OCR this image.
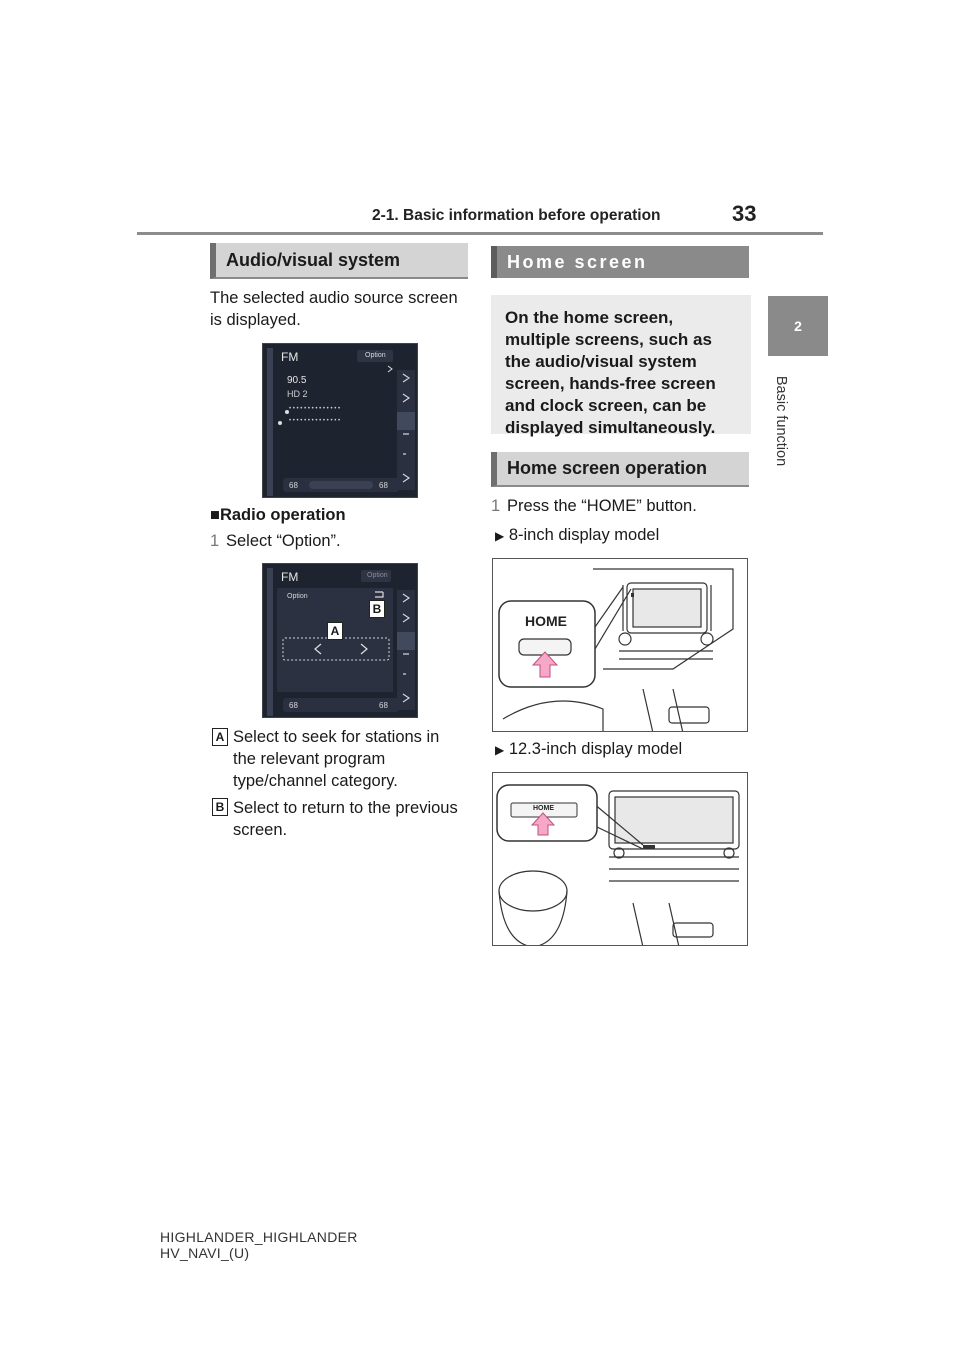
2-1. Basic information before operation	33
2
Basic function
Audio/visual system
The selected audio source screen is displayed.
FM	Option
90.5
HD 2
• • • • • • • • • • • • • •
• • • • • • • • • • • • • •
68	68
■Radio operation
1 Select “Option”.
FM	Option
Option
A
B
68	68
A Select to seek for stations in the relevant program type/channel category.
B Select to return to the previous screen.
Home screen
On the home screen, multiple screens, such as the audio/visual system screen, hands-free screen and clock screen, can be displayed simultaneously.
Home screen operation
1 Press the “HOME” button.
▶ 8-inch display model
HOME
▶ 12.3-inch display model
HOME
HIGHLANDER_HIGHLANDER
HV_NAVI_(U)
